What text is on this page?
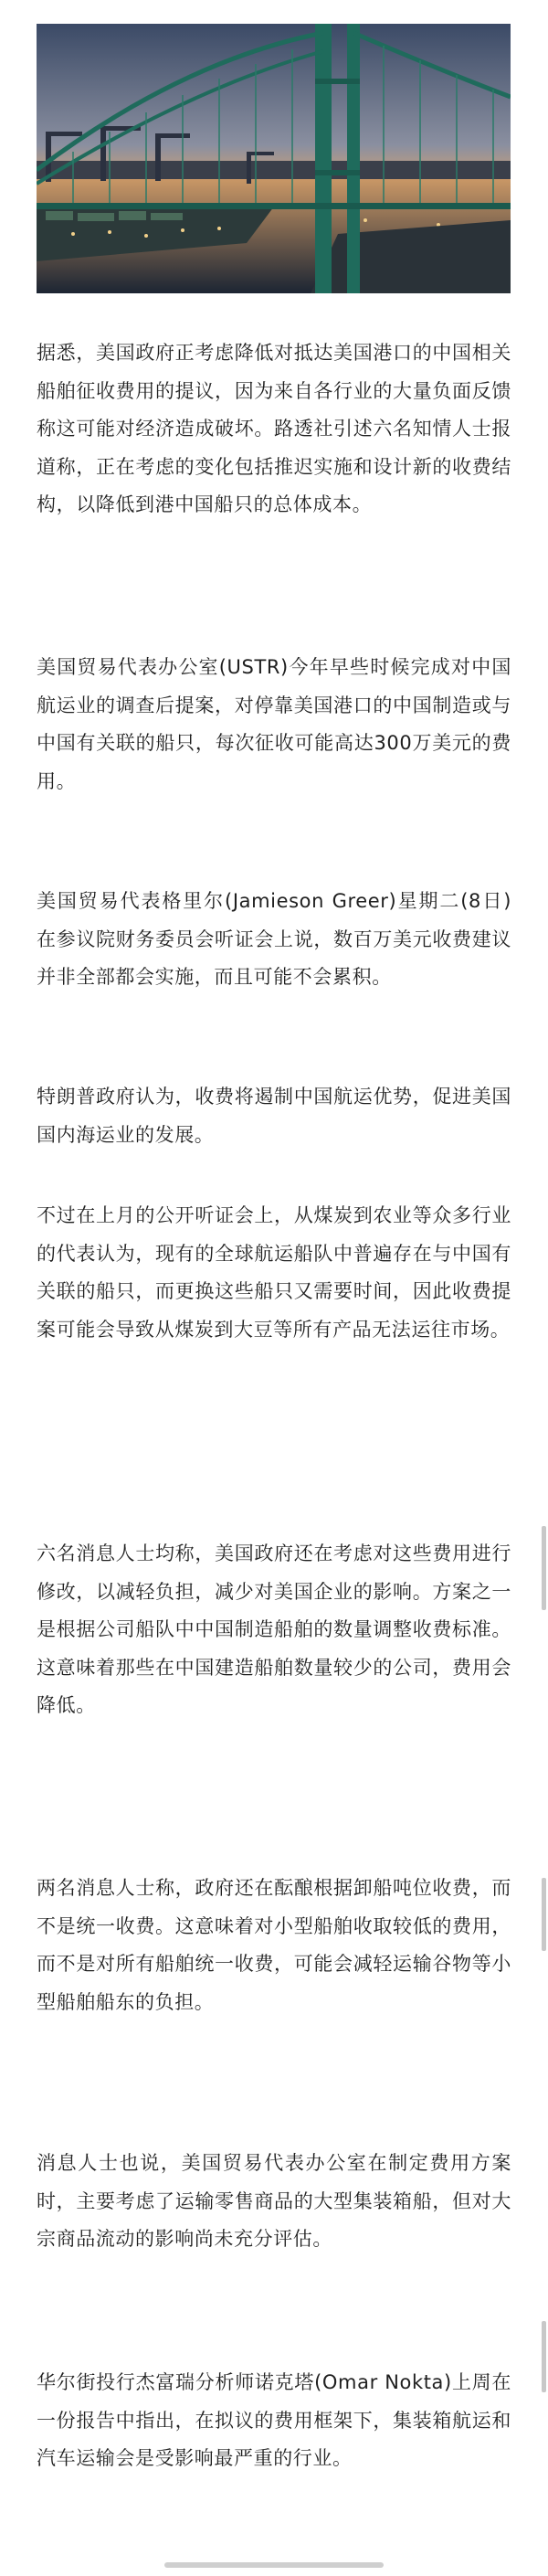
据悉，美国政府正考虑降低对抵达美国港口的中国相关船舶征收费用的提议，因为来自各行业的大量负面反馈称这可能对经济造成破坏。路透社引述六名知情人士报道称，正在考虑的变化包括推迟实施和设计新的收费结构，以降低到港中国船只的总体成本。

美国贸易代表办公室(USTR)今年早些时候完成对中国航运业的调查后提案，对停靠美国港口的中国制造或与中国有关联的船只，每次征收可能高达300万美元的费用。

美国贸易代表格里尔(Jamieson Greer)星期二(8日)在参议院财务委员会听证会上说，数百万美元收费建议并非全部都会实施，而且可能不会累积。

特朗普政府认为，收费将遏制中国航运优势，促进美国国内海运业的发展。

不过在上月的公开听证会上，从煤炭到农业等众多行业的代表认为，现有的全球航运船队中普遍存在与中国有关联的船只，而更换这些船只又需要时间，因此收费提案可能会导致从煤炭到大豆等所有产品无法运往市场。

六名消息人士均称，美国政府还在考虑对这些费用进行修改，以减轻负担，减少对美国企业的影响。方案之一是根据公司船队中中国制造船舶的数量调整收费标准。这意味着那些在中国建造船舶数量较少的公司，费用会降低。

两名消息人士称，政府还在酝酿根据卸船吨位收费，而不是统一收费。这意味着对小型船舶收取较低的费用，而不是对所有船舶统一收费，可能会减轻运输谷物等小型船舶船东的负担。

消息人士也说，美国贸易代表办公室在制定费用方案时，主要考虑了运输零售商品的大型集装箱船，但对大宗商品流动的影响尚未充分评估。

华尔街投行杰富瑞分析师诺克塔(Omar Nokta)上周在一份报告中指出，在拟议的费用框架下，集装箱航运和汽车运输会是受影响最严重的行业。
